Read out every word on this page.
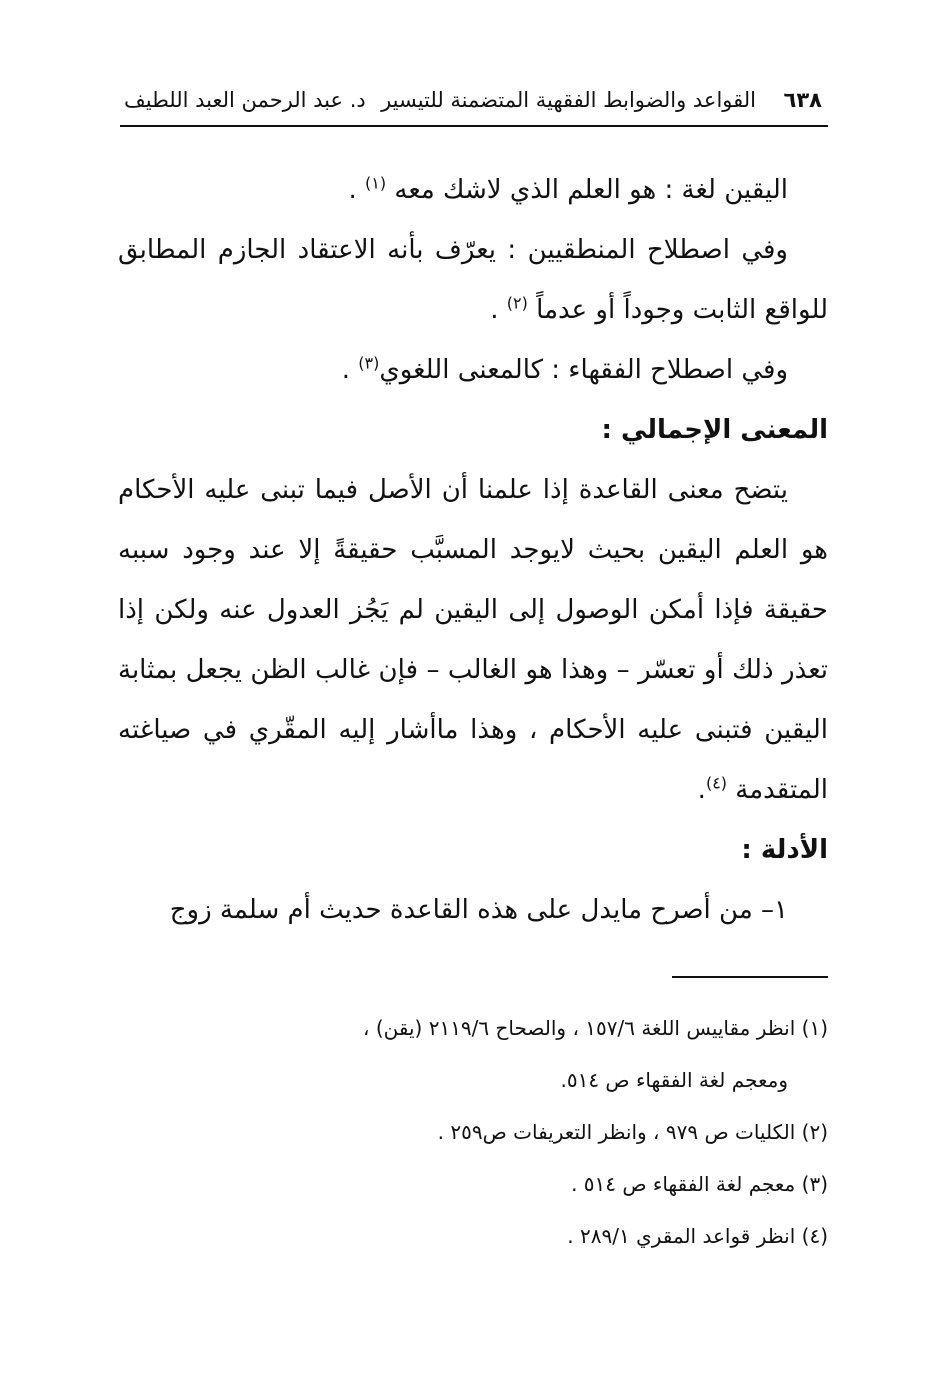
٦٣٨
القواعد والضوابط الفقهية المتضمنة للتيسير
د. عبد الرحمن العبد اللطيف

اليقين لغة : هو العلم الذي لاشك معه $^{(١)}$ .

وفي اصطلاح المنطقيين : يعرّف بأنه الاعتقاد الجازم المطابق للواقع الثابت وجوداً أو عدماً $^{(٢)}$ .

وفي اصطلاح الفقهاء : كالمعنى اللغوي$^{(٣)}$ .

المعنى الإجمالي :

يتضح معنى القاعدة إذا علمنا أن الأصل فيما تبنى عليه الأحكام هو العلم اليقين بحيث لايوجد المسبَّب حقيقةً إلا عند وجود سببه حقيقة فإذا أمكن الوصول إلى اليقين لم يَجُز العدول عنه ولكن إذا تعذر ذلك أو تعسّر – وهذا هو الغالب – فإن غالب الظن يجعل بمثابة اليقين فتبنى عليه الأحكام ، وهذا ماأشار إليه المقّري في صياغته المتقدمة $^{(٤)}$.

الأدلة :

١– من أصرح مايدل على هذه القاعدة حديث أم سلمة زوج

(١) انظر مقاييس اللغة ١٥٧/٦ ، والصحاح ٢١١٩/٦ (يقن) ،

ومعجم لغة الفقهاء ص ٥١٤.

(٢) الكليات ص ٩٧٩ ، وانظر التعريفات ص٢٥٩ .

(٣) معجم لغة الفقهاء ص ٥١٤ .

(٤) انظر قواعد المقري ٢٨٩/١ .
